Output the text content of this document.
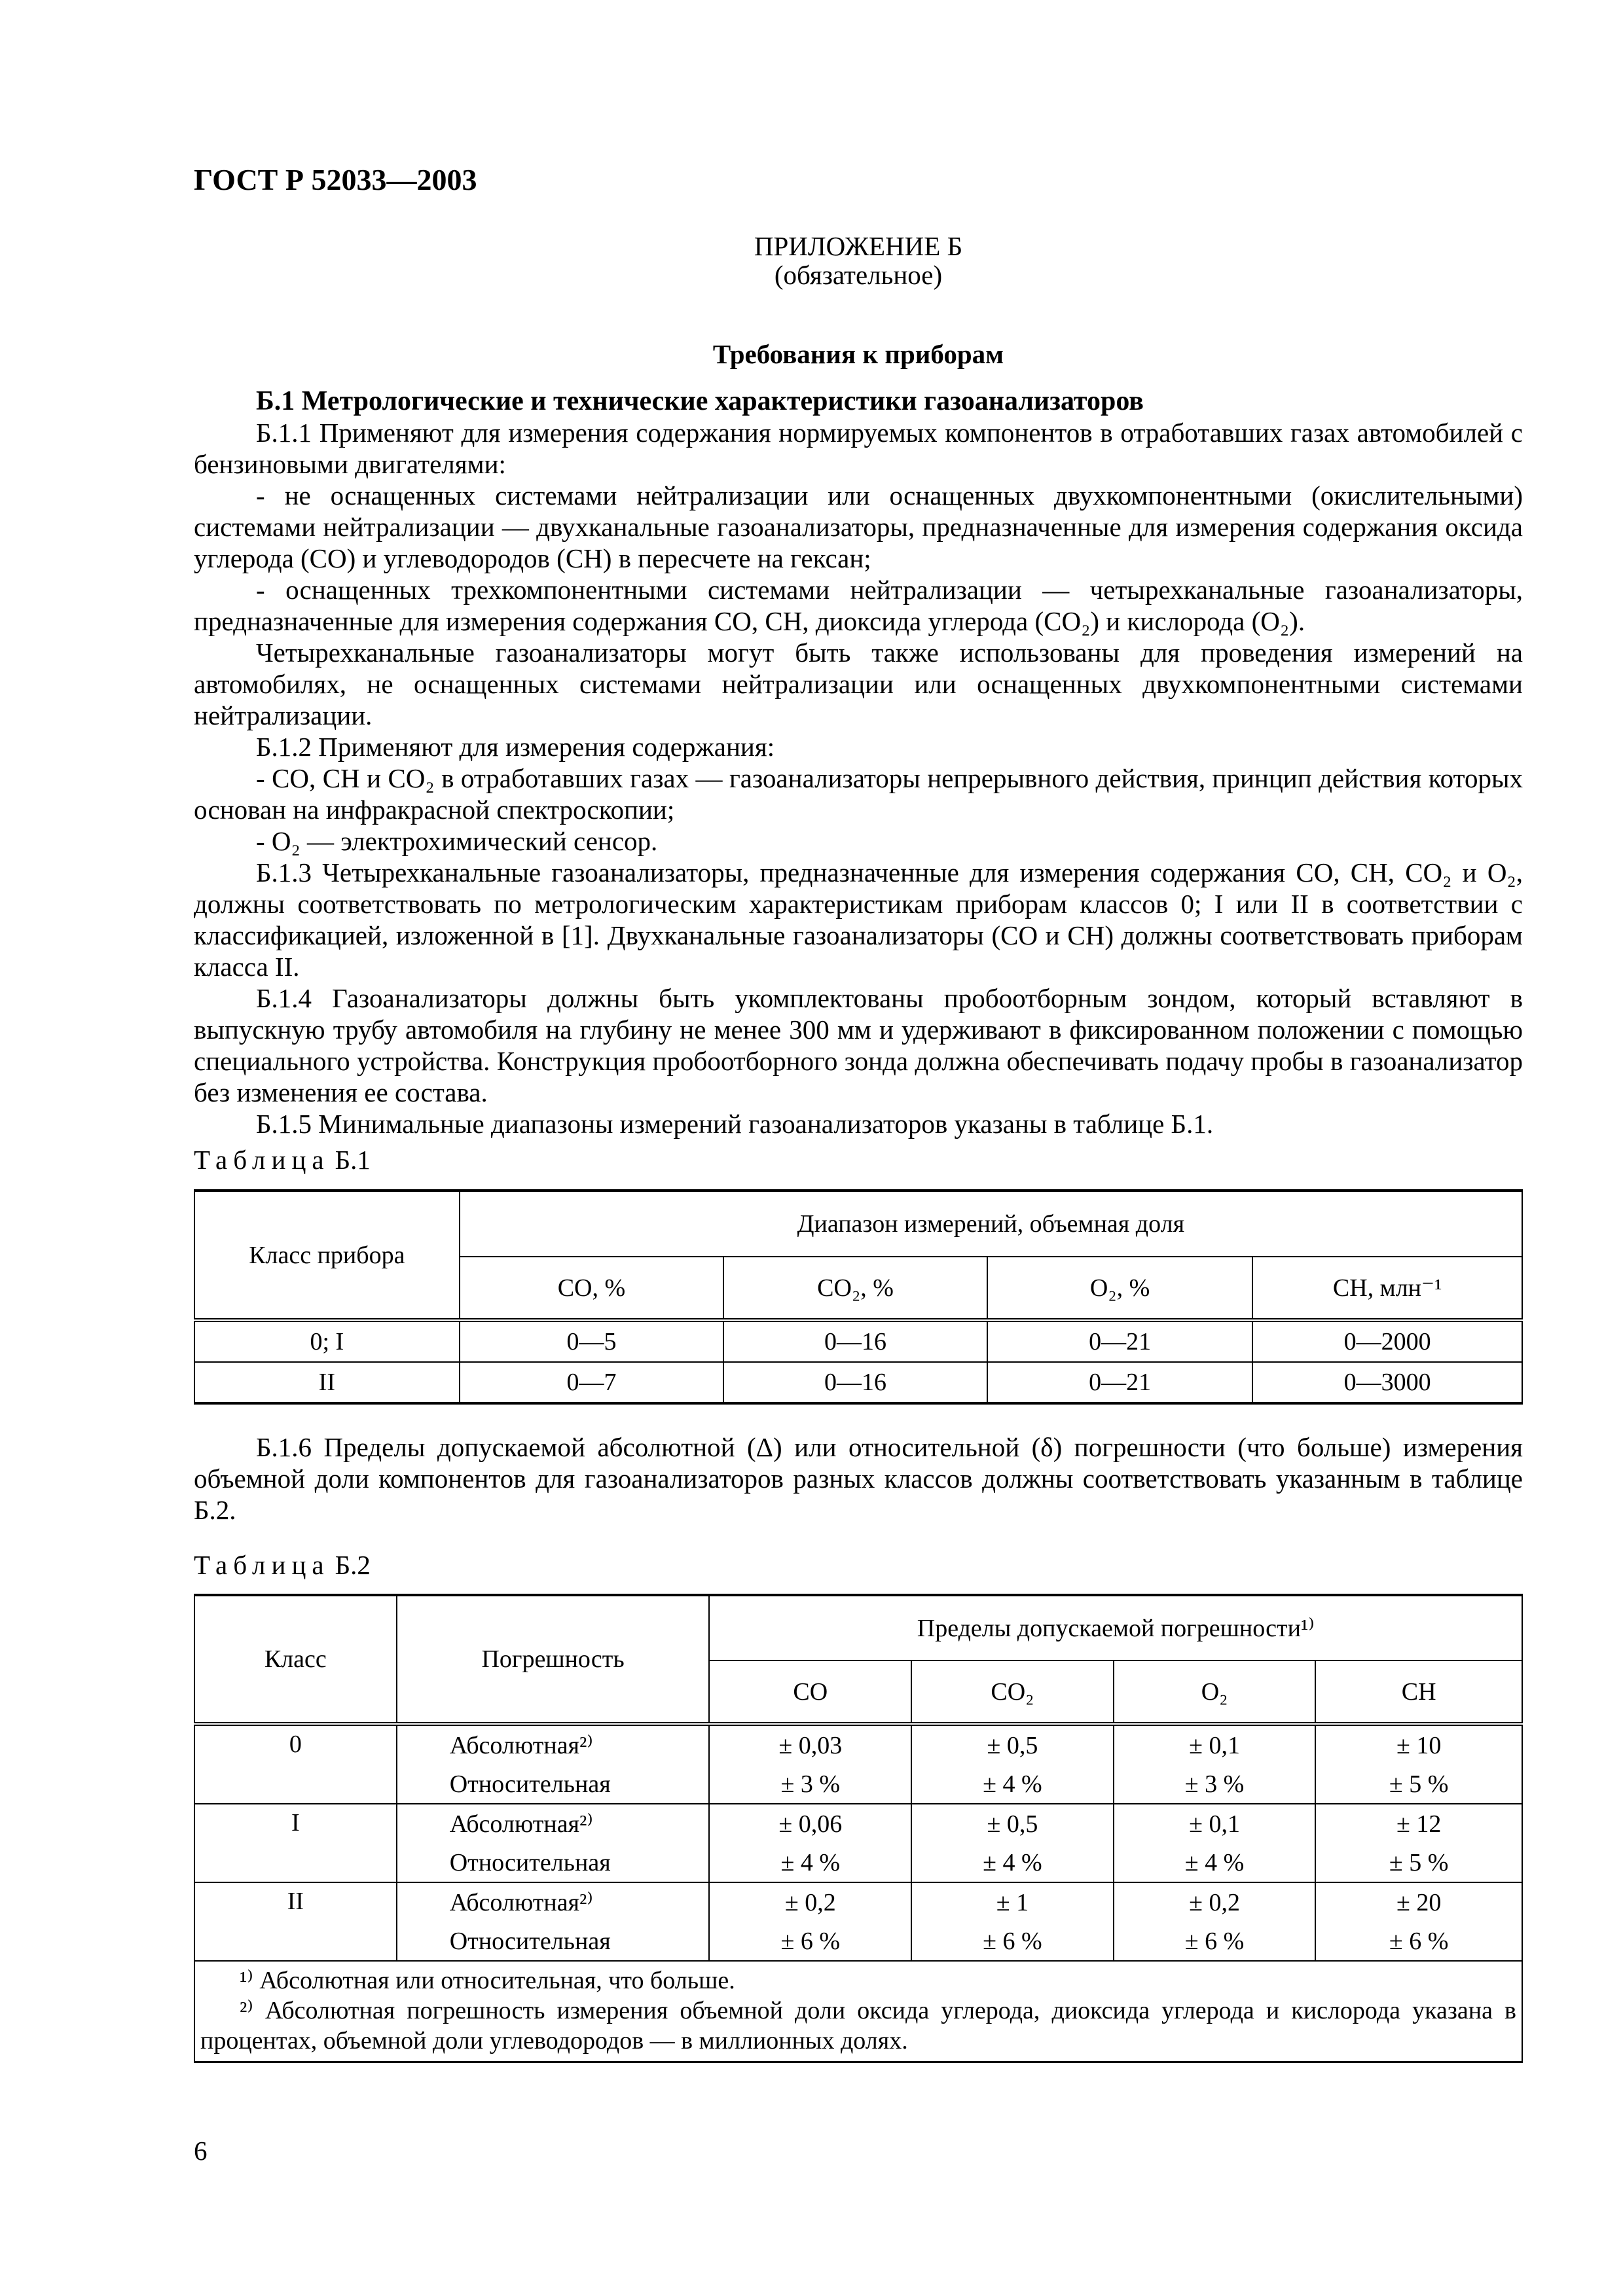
ГОСТ Р 52033—2003
ПРИЛОЖЕНИЕ Б
(обязательное)
Требования к приборам
Б.1 Метрологические и технические характеристики газоанализаторов

Б.1.1 Применяют для измерения содержания нормируемых компонентов в отработавших газах автомобилей с бензиновыми двигателями:

- не оснащенных системами нейтрализации или оснащенных двухкомпонентными (окислительными) системами нейтрализации — двухканальные газоанализаторы, предназначенные для измерения содержания оксида углерода (СО) и углеводородов (СН) в пересчете на гексан;

- оснащенных трехкомпонентными системами нейтрализации — четырехканальные газоанализаторы, предназначенные для измерения содержания СО, СН, диоксида углерода (СО₂) и кислорода (О₂).

Четырехканальные газоанализаторы могут быть также использованы для проведения измерений на автомобилях, не оснащенных системами нейтрализации или оснащенных двухкомпонентными системами нейтрализации.

Б.1.2 Применяют для измерения содержания:

- СО, СН и СО₂ в отработавших газах — газоанализаторы непрерывного действия, принцип действия которых основан на инфракрасной спектроскопии;

- О₂ — электрохимический сенсор.

Б.1.3 Четырехканальные газоанализаторы, предназначенные для измерения содержания СО, СН, СО₂ и О₂, должны соответствовать по метрологическим характеристикам приборам классов 0; I или II в соответствии с классификацией, изложенной в [1]. Двухканальные газоанализаторы (СО и СН) должны соответствовать приборам класса II.

Б.1.4 Газоанализаторы должны быть укомплектованы пробоотборным зондом, который вставляют в выпускную трубу автомобиля на глубину не менее 300 мм и удерживают в фиксированном положении с помощью специального устройства. Конструкция пробоотборного зонда должна обеспечивать подачу пробы в газоанализатор без изменения ее состава.

Б.1.5 Минимальные диапазоны измерений газоанализаторов указаны в таблице Б.1.

Таблица Б.1
Класс прибора	Диапазон измерений, объемная доля			
	СО, %	СО₂, %	О₂, %	СН, млн⁻¹
0; I	0—5	0—16	0—21	0—2000
II	0—7	0—16	0—21	0—3000

Б.1.6 Пределы допускаемой абсолютной (Δ) или относительной (δ) погрешности (что больше) измерения объемной доли компонентов для газоанализаторов разных классов должны соответствовать указанным в таблице Б.2.

Таблица Б.2
Класс	Погрешность	Пределы допускаемой погрешности¹⁾			
		СО	СО₂	О₂	СН
0	Абсолютная²⁾	± 0,03	± 0,5	± 0,1	± 10
	Относительная	± 3 %	± 4 %	± 3 %	± 5 %
I	Абсолютная²⁾	± 0,06	± 0,5	± 0,1	± 12
	Относительная	± 4 %	± 4 %	± 4 %	± 5 %
II	Абсолютная²⁾	± 0,2	± 1	± 0,2	± 20
	Относительная	± 6 %	± 6 %	± 6 %	± 6 %

¹⁾ Абсолютная или относительная, что больше.

²⁾ Абсолютная погрешность измерения объемной доли оксида углерода, диоксида углерода и кислорода указана в процентах, объемной доли углеводородов — в миллионных долях.					

6
